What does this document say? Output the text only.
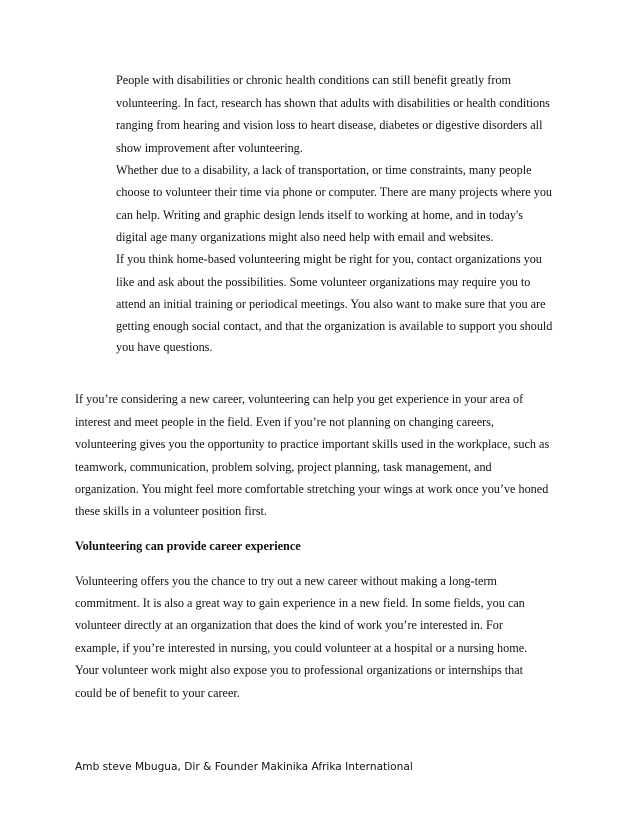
People with disabilities or chronic health conditions can still benefit greatly from
volunteering. In fact, research has shown that adults with disabilities or health conditions
ranging from hearing and vision loss to heart disease, diabetes or digestive disorders all
show improvement after volunteering.
Whether due to a disability, a lack of transportation, or time constraints, many people
choose to volunteer their time via phone or computer. There are many projects where you
can help. Writing and graphic design lends itself to working at home, and in today's
digital age many organizations might also need help with email and websites.
If you think home-based volunteering might be right for you, contact organizations you
like and ask about the possibilities. Some volunteer organizations may require you to
attend an initial training or periodical meetings. You also want to make sure that you are
getting enough social contact, and that the organization is available to support you should
you have questions.
If you’re considering a new career, volunteering can help you get experience in your area of
interest and meet people in the field. Even if you’re not planning on changing careers,
volunteering gives you the opportunity to practice important skills used in the workplace, such as
teamwork, communication, problem solving, project planning, task management, and
organization. You might feel more comfortable stretching your wings at work once you’ve honed
these skills in a volunteer position first.
Volunteering can provide career experience
Volunteering offers you the chance to try out a new career without making a long-term
commitment. It is also a great way to gain experience in a new field. In some fields, you can
volunteer directly at an organization that does the kind of work you’re interested in. For
example, if you’re interested in nursing, you could volunteer at a hospital or a nursing home.
Your volunteer work might also expose you to professional organizations or internships that
could be of benefit to your career.
Amb steve Mbugua, Dir & Founder Makinika Afrika International
